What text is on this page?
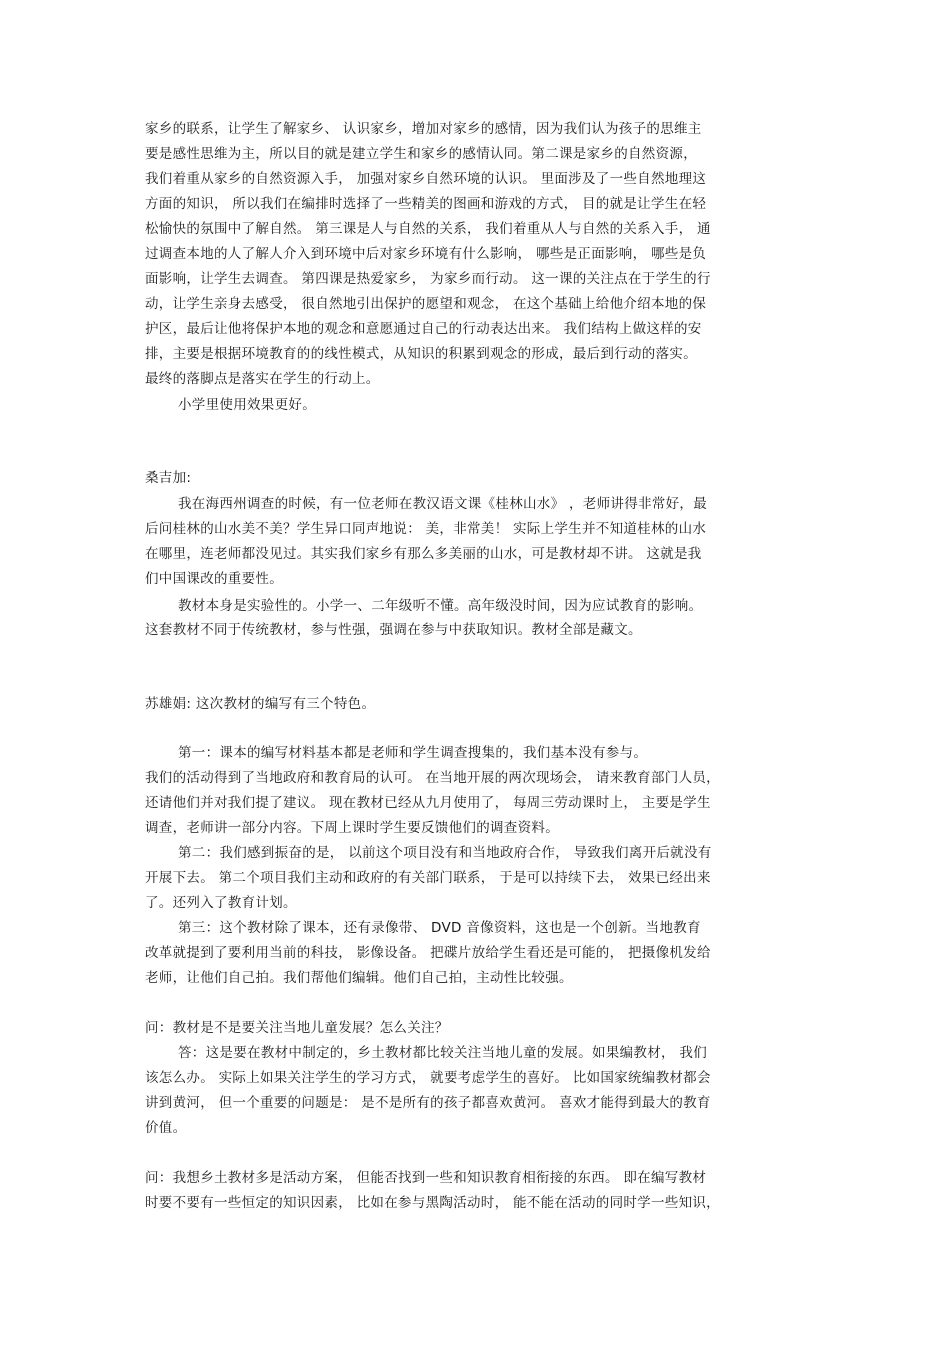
家乡的联系，让学生了解家乡、 认识家乡，增加对家乡的感情，因为我们认为孩子的思维主
要是感性思维为主，所以目的就是建立学生和家乡的感情认同。第二课是家乡的自然资源，
我们着重从家乡的自然资源入手， 加强对家乡自然环境的认识。 里面涉及了一些自然地理这
方面的知识， 所以我们在编排时选择了一些精美的图画和游戏的方式， 目的就是让学生在轻
松愉快的氛围中了解自然。 第三课是人与自然的关系， 我们着重从人与自然的关系入手， 通
过调查本地的人了解人介入到环境中后对家乡环境有什么影响， 哪些是正面影响， 哪些是负
面影响，让学生去调查。 第四课是热爱家乡， 为家乡而行动。 这一课的关注点在于学生的行
动，让学生亲身去感受， 很自然地引出保护的愿望和观念， 在这个基础上给他介绍本地的保
护区，最后让他将保护本地的观念和意愿通过自己的行动表达出来。 我们结构上做这样的安
排，主要是根据环境教育的的线性模式，从知识的积累到观念的形成，最后到行动的落实。
最终的落脚点是落实在学生的行动上。
小学里使用效果更好。
桑吉加:
我在海西州调查的时候，有一位老师在教汉语文课《桂林山水》 ，老师讲得非常好，最
后问桂林的山水美不美？学生异口同声地说： 美，非常美！ 实际上学生并不知道桂林的山水
在哪里，连老师都没见过。其实我们家乡有那么多美丽的山水，可是教材却不讲。 这就是我
们中国课改的重要性。
教材本身是实验性的。小学一、二年级听不懂。高年级没时间，因为应试教育的影响。
这套教材不同于传统教材，参与性强，强调在参与中获取知识。教材全部是藏文。
苏雄娟: 这次教材的编写有三个特色。
第一：课本的编写材料基本都是老师和学生调查搜集的，我们基本没有参与。
我们的活动得到了当地政府和教育局的认可。 在当地开展的两次现场会， 请来教育部门人员，
还请他们并对我们提了建议。 现在教材已经从九月使用了， 每周三劳动课时上， 主要是学生
调查，老师讲一部分内容。下周上课时学生要反馈他们的调查资料。
第二：我们感到振奋的是， 以前这个项目没有和当地政府合作， 导致我们离开后就没有
开展下去。 第二个项目我们主动和政府的有关部门联系， 于是可以持续下去， 效果已经出来
了。还列入了教育计划。
第三：这个教材除了课本，还有录像带、 DVD 音像资料，这也是一个创新。当地教育
改革就提到了要利用当前的科技， 影像设备。 把碟片放给学生看还是可能的， 把摄像机发给
老师，让他们自己拍。我们帮他们编辑。他们自己拍，主动性比较强。
问：教材是不是要关注当地儿童发展？怎么关注？
答：这是要在教材中制定的，乡土教材都比较关注当地儿童的发展。如果编教材， 我们
该怎么办。 实际上如果关注学生的学习方式， 就要考虑学生的喜好。 比如国家统编教材都会
讲到黄河， 但一个重要的问题是： 是不是所有的孩子都喜欢黄河。 喜欢才能得到最大的教育
价值。
问：我想乡土教材多是活动方案， 但能否找到一些和知识教育相衔接的东西。 即在编写教材
时要不要有一些恒定的知识因素， 比如在参与黑陶活动时， 能不能在活动的同时学一些知识，
